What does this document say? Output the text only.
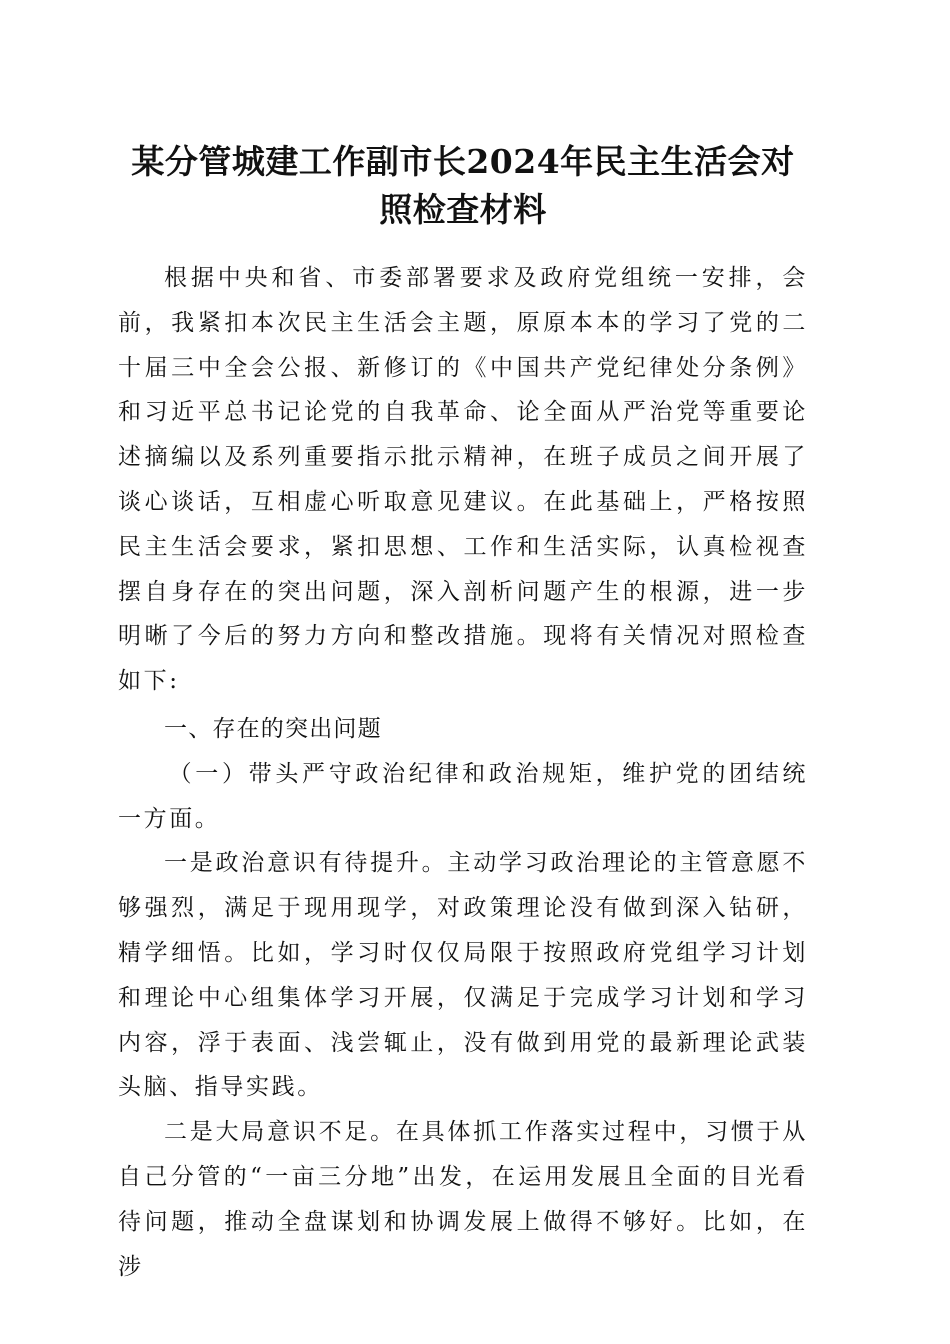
某分管城建工作副市长2024年民主生活会对
照检查材料

根据中央和省、市委部署要求及政府党组统一安排，会前，我紧扣本次民主生活会主题，原原本本的学习了党的二十届三中全会公报、新修订的《中国共产党纪律处分条例》和习近平总书记论党的自我革命、论全面从严治党等重要论述摘编以及系列重要指示批示精神，在班子成员之间开展了谈心谈话，互相虚心听取意见建议。在此基础上，严格按照民主生活会要求，紧扣思想、工作和生活实际，认真检视查摆自身存在的突出问题，深入剖析问题产生的根源，进一步明晰了今后的努力方向和整改措施。现将有关情况对照检查如下:

一、存在的突出问题

（一）带头严守政治纪律和政治规矩，维护党的团结统一方面。

一是政治意识有待提升。主动学习政治理论的主管意愿不够强烈，满足于现用现学，对政策理论没有做到深入钻研，精学细悟。比如，学习时仅仅局限于按照政府党组学习计划和理论中心组集体学习开展，仅满足于完成学习计划和学习内容，浮于表面、浅尝辄止，没有做到用党的最新理论武装头脑、指导实践。

二是大局意识不足。在具体抓工作落实过程中，习惯于从自己分管的“一亩三分地”出发，在运用发展且全面的目光看待问题，推动全盘谋划和协调发展上做得不够好。比如，在涉
